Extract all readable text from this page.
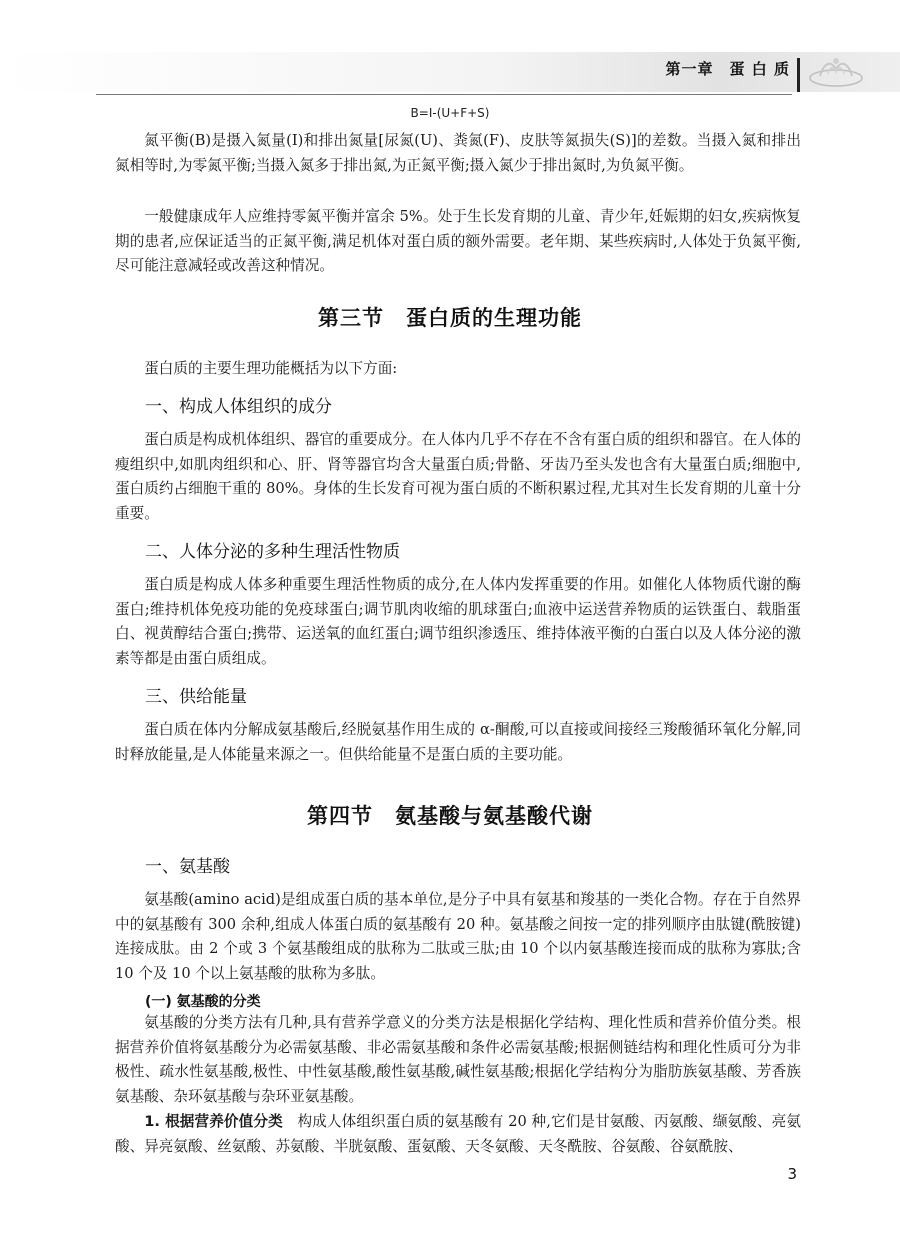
第一章　蛋 白 质
B=I-(U+F+S)

氮平衡(B)是摄入氮量(I)和排出氮量[尿氮(U)、粪氮(F)、皮肤等氮损失(S)]的差数。当摄入氮和排出氮相等时,为零氮平衡;当摄入氮多于排出氮,为正氮平衡;摄入氮少于排出氮时,为负氮平衡。

一般健康成年人应维持零氮平衡并富余 5%。处于生长发育期的儿童、青少年,妊娠期的妇女,疾病恢复期的患者,应保证适当的正氮平衡,满足机体对蛋白质的额外需要。老年期、某些疾病时,人体处于负氮平衡,尽可能注意减轻或改善这种情况。

第三节　蛋白质的生理功能

蛋白质的主要生理功能概括为以下方面:

一、构成人体组织的成分

蛋白质是构成机体组织、器官的重要成分。在人体内几乎不存在不含有蛋白质的组织和器官。在人体的瘦组织中,如肌肉组织和心、肝、肾等器官均含大量蛋白质;骨骼、牙齿乃至头发也含有大量蛋白质;细胞中,蛋白质约占细胞干重的 80%。身体的生长发育可视为蛋白质的不断积累过程,尤其对生长发育期的儿童十分重要。

二、人体分泌的多种生理活性物质

蛋白质是构成人体多种重要生理活性物质的成分,在人体内发挥重要的作用。如催化人体物质代谢的酶蛋白;维持机体免疫功能的免疫球蛋白;调节肌肉收缩的肌球蛋白;血液中运送营养物质的运铁蛋白、载脂蛋白、视黄醇结合蛋白;携带、运送氧的血红蛋白;调节组织渗透压、维持体液平衡的白蛋白以及人体分泌的激素等都是由蛋白质组成。

三、供给能量

蛋白质在体内分解成氨基酸后,经脱氨基作用生成的 α-酮酸,可以直接或间接经三羧酸循环氧化分解,同时释放能量,是人体能量来源之一。但供给能量不是蛋白质的主要功能。

第四节　氨基酸与氨基酸代谢
一、氨基酸

氨基酸(amino acid)是组成蛋白质的基本单位,是分子中具有氨基和羧基的一类化合物。存在于自然界中的氨基酸有 300 余种,组成人体蛋白质的氨基酸有 20 种。氨基酸之间按一定的排列顺序由肽键(酰胺键)连接成肽。由 2 个或 3 个氨基酸组成的肽称为二肽或三肽;由 10 个以内氨基酸连接而成的肽称为寡肽;含 10 个及 10 个以上氨基酸的肽称为多肽。

(一) 氨基酸的分类

氨基酸的分类方法有几种,具有营养学意义的分类方法是根据化学结构、理化性质和营养价值分类。根据营养价值将氨基酸分为必需氨基酸、非必需氨基酸和条件必需氨基酸;根据侧链结构和理化性质可分为非极性、疏水性氨基酸,极性、中性氨基酸,酸性氨基酸,碱性氨基酸;根据化学结构分为脂肪族氨基酸、芳香族氨基酸、杂环氨基酸与杂环亚氨基酸。

1. 根据营养价值分类　构成人体组织蛋白质的氨基酸有 20 种,它们是甘氨酸、丙氨酸、缬氨酸、亮氨酸、异亮氨酸、丝氨酸、苏氨酸、半胱氨酸、蛋氨酸、天冬氨酸、天冬酰胺、谷氨酸、谷氨酰胺、

3
